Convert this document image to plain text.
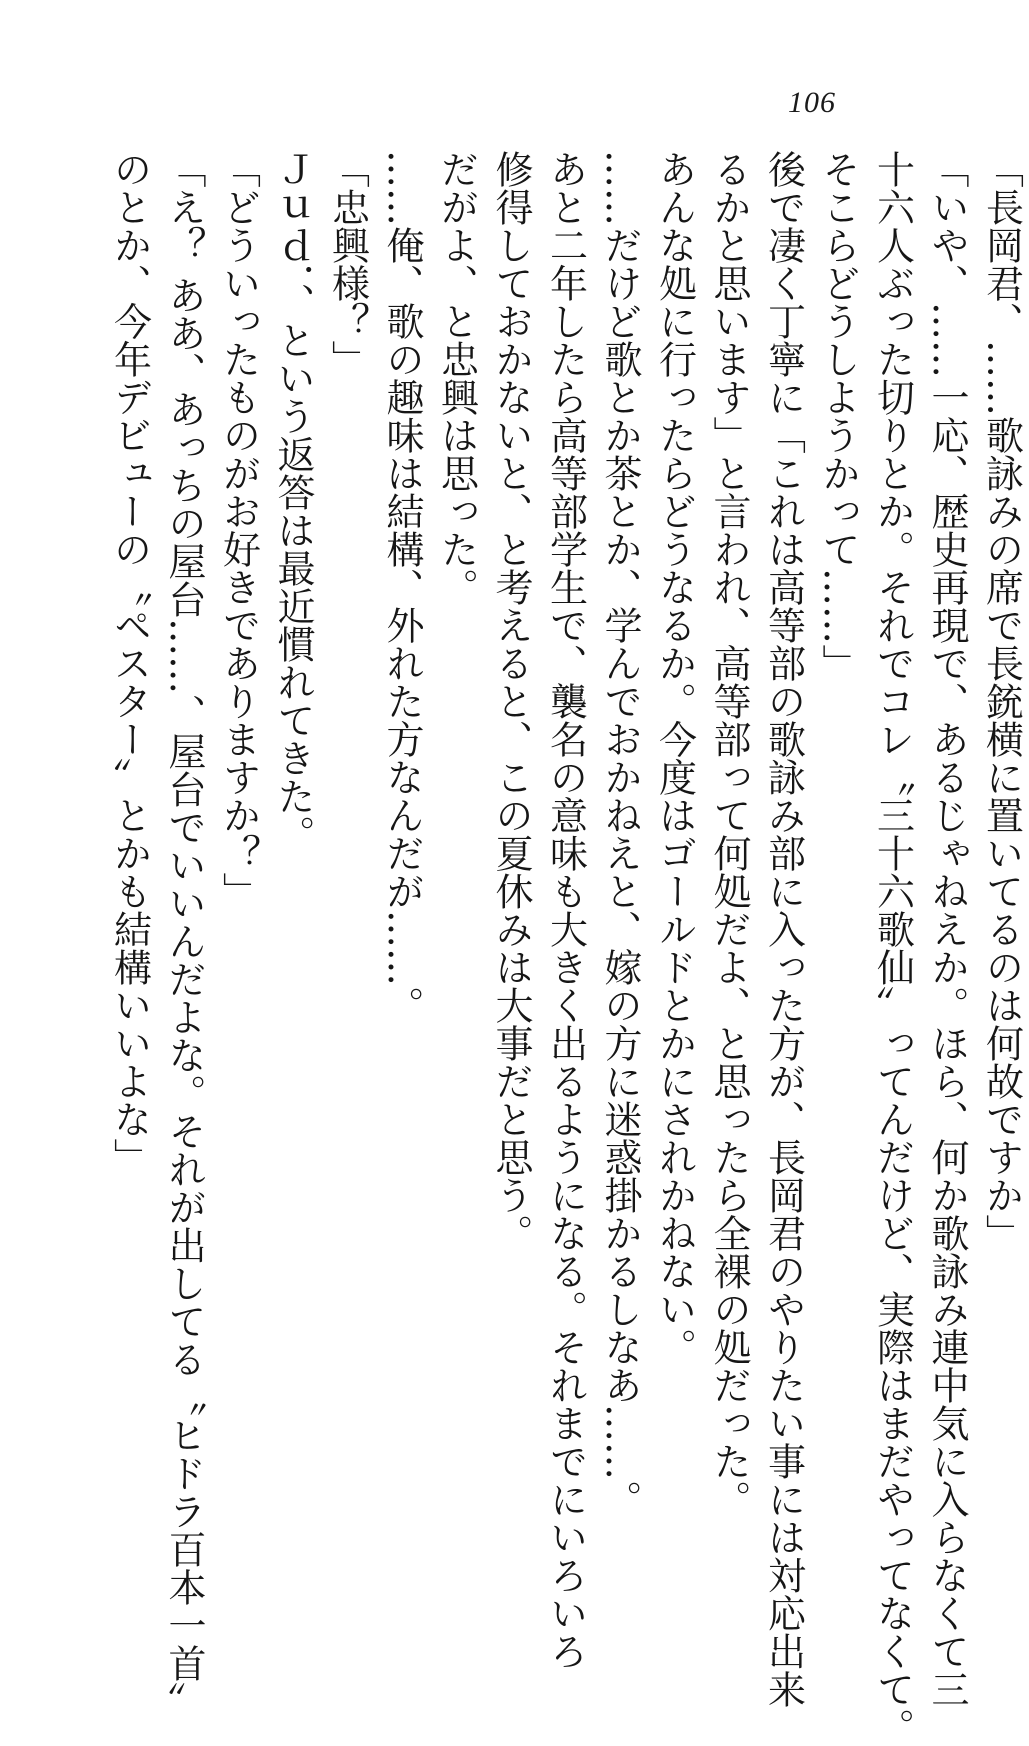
106
「長岡君、……歌詠みの席で長銃横に置いてるのは何故ですか」
「いや、……一応、歴史再現で、あるじゃねえか。ほら、何か歌詠み連中気に入らなくて三
十六人ぶった切りとか。それでコレ〝三十六歌仙〟ってんだけど、実際はまだやってなくて。
そこらどうしようかって……」
後で凄く丁寧に「これは高等部の歌詠み部に入った方が、長岡君のやりたい事には対応出来
るかと思います」と言われ、高等部って何処だよ、と思ったら全裸の処だった。
あんな処に行ったらどうなるか。今度はゴールドとかにされかねない。
……だけど歌とか茶とか、学んでおかねえと、嫁の方に迷惑掛かるしなあ……。
あと二年したら高等部学生で、襲名の意味も大きく出るようになる。それまでにいろいろ
修得しておかないと、と考えると、この夏休みは大事だと思う。
だがよ、と忠興は思った。
……俺、歌の趣味は結構、外れた方なんだが……。
「忠興様？」
Ｊｕｄ．、という返答は最近慣れてきた。
「どういったものがお好きでありますか？」
「え？ ああ、あっちの屋台……、屋台でいいんだよな。それが出してる〝ヒドラ百本一首〟
のとか、今年デビューの〝ペスター〟とかも結構いいよな」
